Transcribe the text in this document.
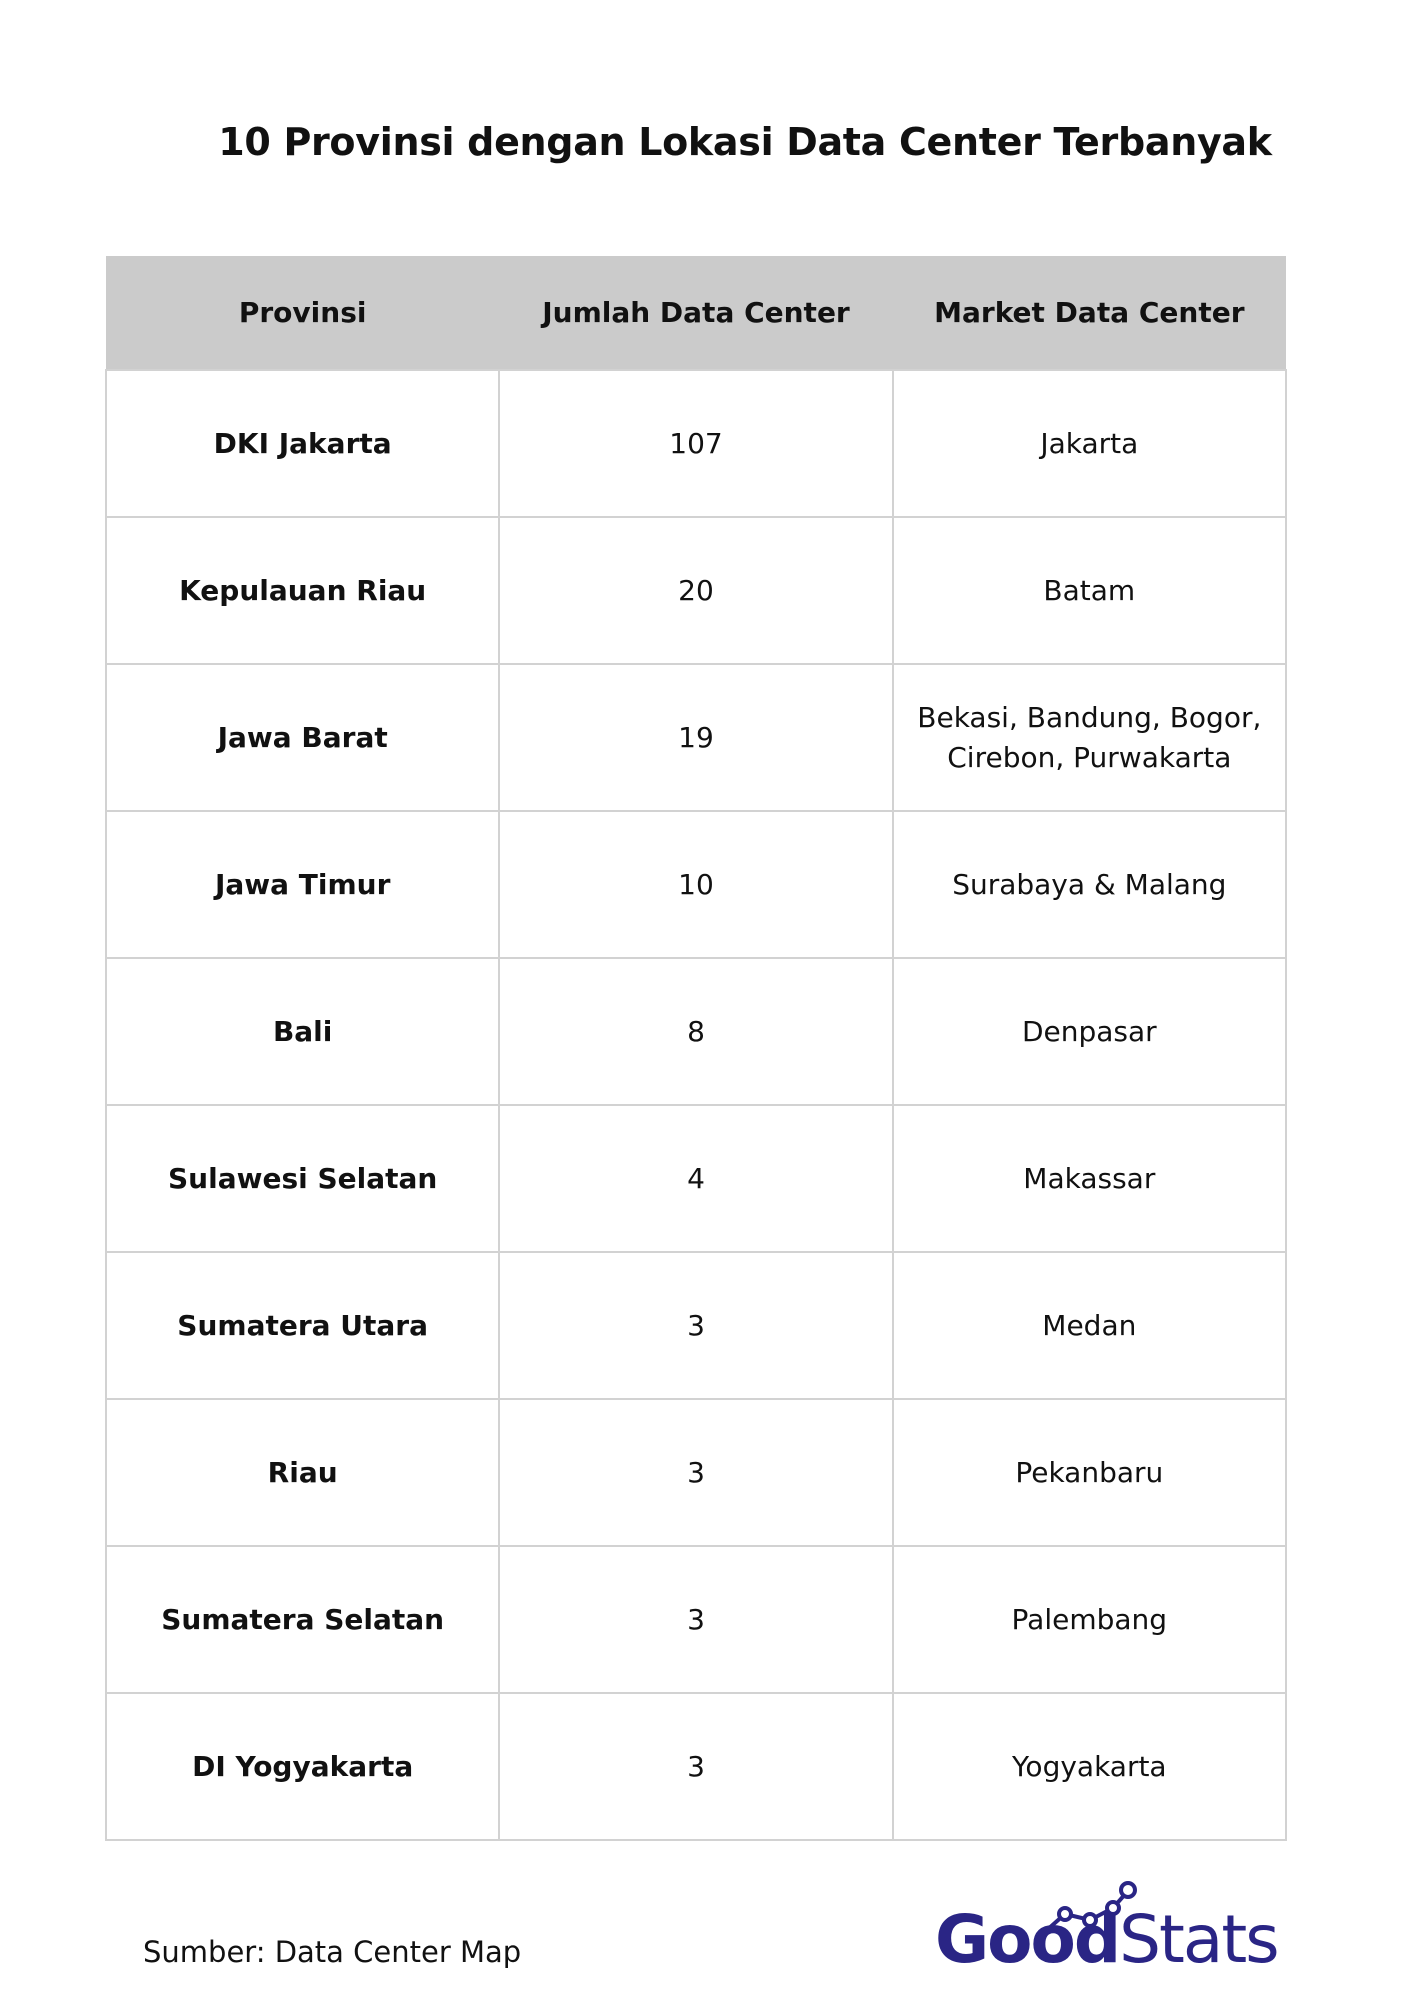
10 Provinsi dengan Lokasi Data Center Terbanyak
Provinsi	Jumlah Data Center	Market Data Center
DKI Jakarta	107	Jakarta
Kepulauan Riau	20	Batam
Jawa Barat	19	Bekasi, Bandung, Bogor, Cirebon, Purwakarta
Jawa Timur	10	Surabaya & Malang
Bali	8	Denpasar
Sulawesi Selatan	4	Makassar
Sumatera Utara	3	Medan
Riau	3	Pekanbaru
Sumatera Selatan	3	Palembang
DI Yogyakarta	3	Yogyakarta
Sumber: Data Center Map	GoodStats
